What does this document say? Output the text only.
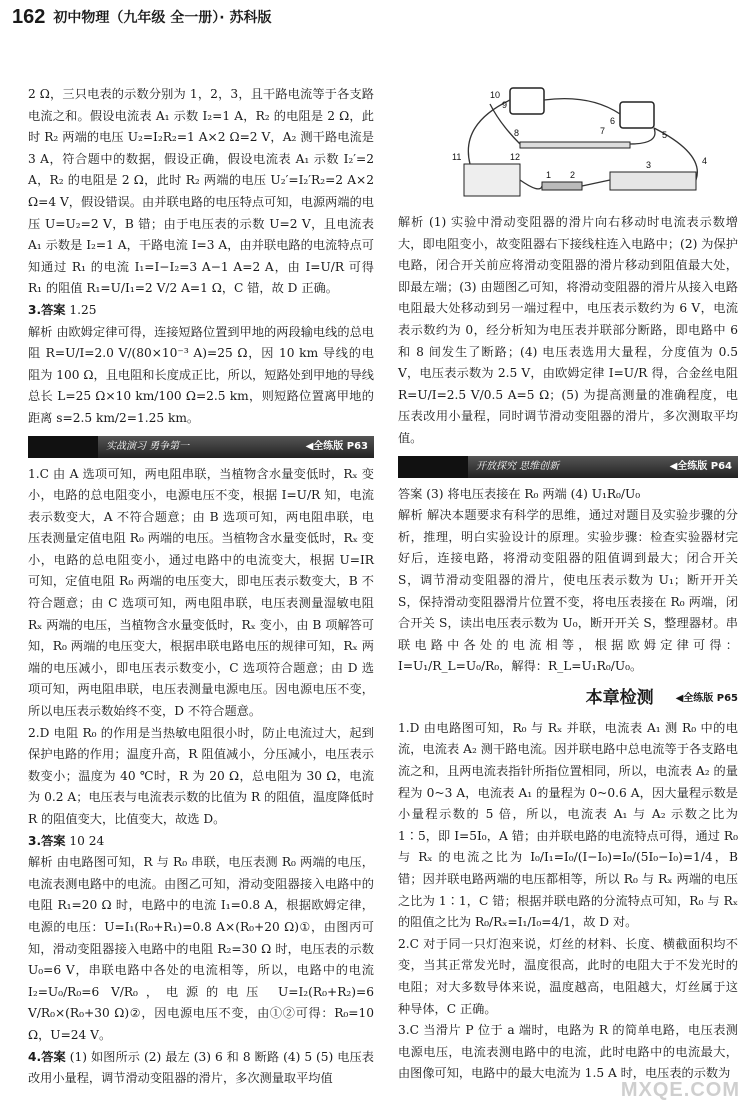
162 初中物理（九年级 全一册）· 苏科版
10
9
8	7
6
5
4
3
2
1
11	12

2 Ω，三只电表的示数分别为 1，2，3，且干路电流等于各支路电流之和。假设电流表 A₁ 示数 I₂=1 A，R₂ 的电阻是 2 Ω，此时 R₂ 两端的电压 U₂=I₂R₂=1 A×2 Ω=2 V，A₂ 测干路电流是 3 A，符合题中的数据，假设正确，假设电流表 A₁ 示数 I₂′=2 A，R₂ 的电阻是 2 Ω，此时 R₂ 两端的电压 U₂′=I₂′R₂=2 A×2 Ω=4 V，假设错误。由并联电路的电压特点可知，电源两端的电压 U=U₂=2 V，B 错；由于电压表的示数 U=2 V，且电流表 A₁ 示数是 I₂=1 A，干路电流 I=3 A，由并联电路的电流特点可知通过 R₁ 的电流 I₁=I−I₂=3 A−1 A=2 A，由 I=U/R 可得 R₁ 的阻值 R₁=U/I₁=2 V/2 A=1 Ω，C 错，故 D 正确。

3.答案 1.25

解析 由欧姆定律可得，连接短路位置到甲地的两段输电线的总电阻 R=U/I=2.0 V/(80×10⁻³ A)=25 Ω，因 10 km 导线的电阻为 100 Ω，且电阻和长度成正比，所以，短路处到甲地的导线总长 L=25 Ω×10 km/100 Ω=2.5 km，则短路位置离甲地的距离 s=2.5 km/2=1.25 km。

实战演习 勇争第一	◀全练版 P63

1.C 由 A 选项可知，两电阻串联，当植物含水量变低时，Rₓ 变小，电路的总电阻变小，电源电压不变，根据 I=U/R 知，电流表示数变大，A 不符合题意；由 B 选项可知，两电阻串联，电压表测量定值电阻 R₀ 两端的电压。当植物含水量变低时，Rₓ 变小，电路的总电阻变小，通过电路中的电流变大，根据 U=IR 可知，定值电阻 R₀ 两端的电压变大，即电压表示数变大，B 不符合题意；由 C 选项可知，两电阻串联，电压表测量湿敏电阻 Rₓ 两端的电压，当植物含水量变低时，Rₓ 变小，由 B 项解答可知，R₀ 两端的电压变大，根据串联电路电压的规律可知，Rₓ 两端的电压减小，即电压表示数变小，C 选项符合题意；由 D 选项可知，两电阻串联，电压表测量电源电压。因电源电压不变，所以电压表示数始终不变，D 不符合题意。

2.D 电阻 R₀ 的作用是当热敏电阻很小时，防止电流过大，起到保护电路的作用；温度升高，R 阻值减小，分压减小，电压表示数变小；温度为 40 ℃时，R 为 20 Ω，总电阻为 30 Ω，电流为 0.2 A；电压表与电流表示数的比值为 R 的阻值，温度降低时 R 的阻值变大，比值变大，故选 D。

3.答案 10 24

解析 由电路图可知，R 与 R₀ 串联，电压表测 R₀ 两端的电压，电流表测电路中的电流。由图乙可知，滑动变阻器接入电路中的电阻 R₁=20 Ω 时，电路中的电流 I₁=0.8 A，根据欧姆定律，电源的电压：U=I₁(R₀+R₁)=0.8 A×(R₀+20 Ω)①，由图丙可知，滑动变阻器接入电路中的电阻 R₂=30 Ω 时，电压表的示数 U₀=6 V，串联电路中各处的电流相等，所以，电路中的电流 I₂=U₀/R₀=6 V/R₀，电源的电压 U=I₂(R₀+R₂)=6 V/R₀×(R₀+30 Ω)②，因电源电压不变，由①②可得：R₀=10 Ω，U=24 V。

4.答案 (1) 如图所示 (2) 最左 (3) 6 和 8 断路 (4) 5 (5) 电压表改用小量程，调节滑动变阻器的滑片，多次测量取平均值

解析 (1) 实验中滑动变阻器的滑片向右移动时电流表示数增大，即电阻变小，故变阻器右下接线柱连入电路中；(2) 为保护电路，闭合开关前应将滑动变阻器的滑片移动到阻值最大处，即最左端；(3) 由题图乙可知，将滑动变阻器的滑片从接入电路电阻最大处移动到另一端过程中，电压表示数约为 6 V，电流表示数约为 0，经分析知为电压表并联部分断路，即电路中 6 和 8 间发生了断路；(4) 电压表选用大量程，分度值为 0.5 V，电压表示数为 2.5 V，由欧姆定律 I=U/R 得，合金丝电阻 R=U/I=2.5 V/0.5 A=5 Ω；(5) 为提高测量的准确程度，电压表改用小量程，同时调节滑动变阻器的滑片，多次测取平均值。

开放探究 思维创新	◀全练版 P64

答案 (3) 将电压表接在 R₀ 两端 (4) U₁R₀/U₀

解析 解决本题要求有科学的思维，通过对题目及实验步骤的分析，推理，明白实验设计的原理。实验步骤：检查实验器材完好后，连接电路，将滑动变阻器的阻值调到最大；闭合开关 S，调节滑动变阻器的滑片，使电压表示数为 U₁；断开开关 S，保持滑动变阻器滑片位置不变，将电压表接在 R₀ 两端，闭合开关 S，读出电压表示数为 U₀，断开开关 S，整理器材。串联电路中各处的电流相等，根据欧姆定律可得：I=U₁/R_L=U₀/R₀，解得：R_L=U₁R₀/U₀。

本章检测 ◀全练版 P65

1.D 由电路图可知，R₀ 与 Rₓ 并联，电流表 A₁ 测 R₀ 中的电流，电流表 A₂ 测干路电流。因并联电路中总电流等于各支路电流之和，且两电流表指针所指位置相同，所以，电流表 A₂ 的量程为 0~3 A，电流表 A₁ 的量程为 0~0.6 A，因大量程示数是小量程示数的 5 倍，所以，电流表 A₁ 与 A₂ 示数之比为 1∶5，即 I=5I₀，A 错；由并联电路的电流特点可得，通过 R₀ 与 Rₓ 的电流之比为 I₀/I₁=I₀/(I−I₀)=I₀/(5I₀−I₀)=1/4，B 错；因并联电路两端的电压都相等，所以 R₀ 与 Rₓ 两端的电压之比为 1∶1，C 错；根据并联电路的分流特点可知，R₀ 与 Rₓ 的阻值之比为 R₀/Rₓ=I₁/I₀=4/1，故 D 对。

2.C 对于同一只灯泡来说，灯丝的材料、长度、横截面积均不变，当其正常发光时，温度很高，此时的电阻大于不发光时的电阻；对大多数导体来说，温度越高，电阻越大，灯丝属于这种导体，C 正确。

3.C 当滑片 P 位于 a 端时，电路为 R 的简单电路，电压表测电源电压，电流表测电路中的电流，此时电路中的电流最大，由图像可知，电路中的最大电流为 1.5 A 时，电压表的示数为

MXQE.COM
